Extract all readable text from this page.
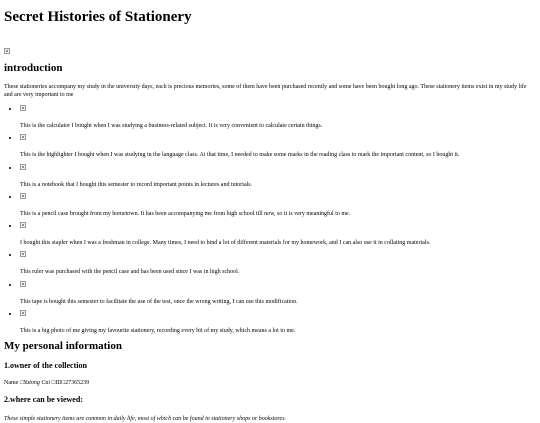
Secret Histories of Stationery
introduction

These stationeries accompany my study in the university days, each is precious memories, some of them have been purchased recently and some have been bought long ago. These stationery items exist in my study life and are very important to me

• This is the calculator I bought when I was studying a business-related subject. It is very convenient to calculate certain things.

• This is the highlighter I bought when I was studying in the language class. At that time, I needed to make some marks in the reading class to mark the important content, so I bought it.

• This is a notebook that I bought this semester to record important points in lectures and tutorials.

• This is a pencil case brought from my hometown. It has been accompanying me from high school till now, so it is very meaningful to me.

• I bought this stapler when I was a freshman in college. Many times, I need to bind a lot of different materials for my homework, and I can also use it in collating materials.

• This ruler was purchased with the pencil case and has been used since I was in high school.

• This tape is bought this semester to facilitate the use of the test, once the wrong writing, I can use this modification.

• This is a big photo of me giving my favourite stationery, recording every bit of my study, which means a lot to me.

My personal information
1.owner of the collection

Name □Yutong Cai □ID□27365239

2.where can be viewed:

These simple stationery items are common in daily life, most of which can be found in stationery shops or bookstores.
